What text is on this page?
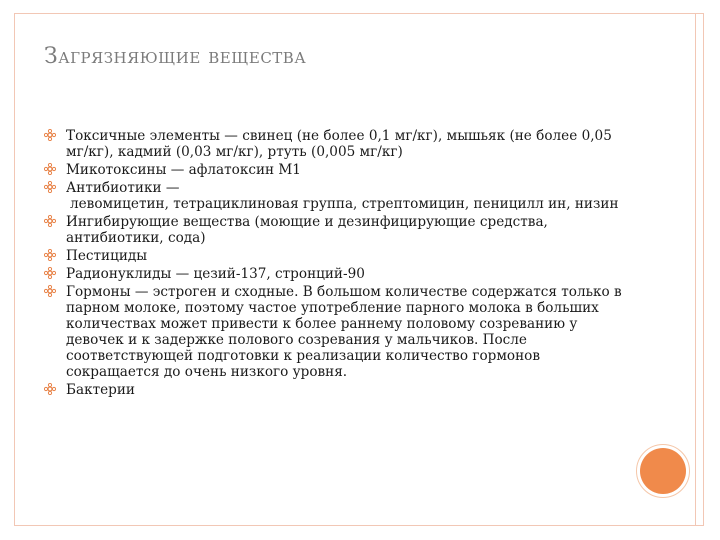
Загрязняющие вещества
Токсичные элементы — свинец (не более 0,1 мг/кг), мышьяк (не более 0,05 мг/кг), кадмий (0,03 мг/кг), ртуть (0,005 мг/кг)
Микотоксины — афлатоксин М1
Антибиотики —
левомицетин, тетрациклиновая группа, стрептомицин, пеницилл ин, низин
Ингибирующие вещества (моющие и дезинфицирующие средства, антибиотики, сода)
Пестициды
Радионуклиды — цезий-137, стронций-90
Гормоны — эстроген и сходные. В большом количестве содержатся только в парном молоке, поэтому частое употребление парного молока в больших количествах может привести к более раннему половому созреванию у девочек и к задержке полового созревания у мальчиков. После соответствующей подготовки к реализации количество гормонов сокращается до очень низкого уровня.
Бактерии
